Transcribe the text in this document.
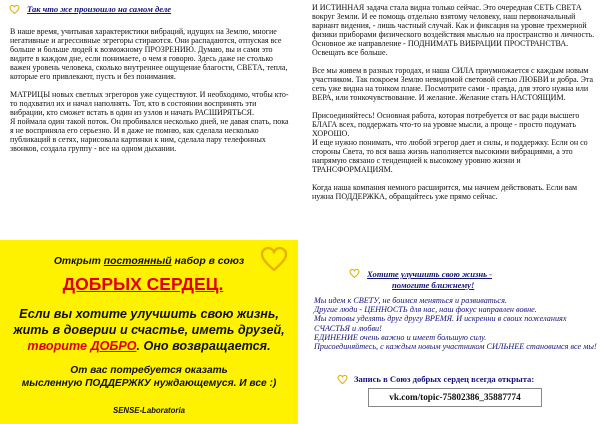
Так что же произошло на самом деле

В наше время, учитывая характеристики вибраций, идущих на Землю, многие негативные и агрессивные эгрегоры стираются. Они распадаются, отпуская все больше и больше людей к возможному ПРОЗРЕНИЮ. Думаю, вы и сами это видите в каждом дне, если понимаете, о чем я говорю. Здесь даже не столько важен уровень человека, сколько внутреннее ощущение благости, СВЕТА, тепла, которые его привлекают, пусть и без понимания.

МАТРИЦЫ новых светлых эгрегоров уже существуют. И необходимо, чтобы кто-то подхватил их и начал наполнять. Тот, кто в состоянии воспринять эти вибрации, кто сможет встать в один из узлов и начать РАСШИРЯТЬСЯ.

Я поймала один такой поток. Он пробивался несколько дней, не давая спать, пока я не восприняла его серьезно. И я даже не помню, как сделала несколько публикаций в сетях, нарисовала картинки к ним, сделала пару телефонных звонков, создала группу - все на одном дыхании.

Открыт постоянный набор в союз
ДОБРЫХ СЕРДЕЦ.
Если вы хотите улучшить свою жизнь,
жить в доверии и счастье, иметь друзей,
творите ДОБРО. Оно возвращается.
От вас потребуется оказать
мысленную ПОДДЕРЖКУ нуждающемуся. И все :)
SENSE-Laboratoria

И ИСТИННАЯ задача стала видна только сейчас. Это очередная СЕТЬ СВЕТА вокруг Земли. И ее помощь отдельно взятому человеку, наш первоначальный вариант видения, - лишь частный случай. Как и фиксация на уровне трехмерной физики приборами физического воздействия мыслью на пространство и личность.

Основное же направление - ПОДНИМАТЬ ВИБРАЦИИ ПРОСТРАНСТВА. Освещать все больше.

Все мы живем в разных городах, и наша СИЛА приумножается с каждым новым участником. Так покроем Землю невидимой световой сетью ЛЮБВИ и добра. Эта сеть уже видна на тонком плане. Посмотрите сами - правда, для этого нужна или ВЕРА, или тонкочувствование. И желание. Желание стать НАСТОЯЩИМ.

Присоединяйтесь! Основная работа, которая потребуется от вас ради высшего БЛАГА всех, поддержать что-то на уровне мысли, а проще - просто подумать ХОРОШО.

И еще нужно понимать, что любой эгрегор дает и силы, и поддержку. Если он со стороны Света, то вся ваша жизнь наполняется высокими вибрациями, а это напрямую связано с тенденцией к высокому уровню жизни и ТРАНСФОРМАЦИЯМ.

Когда наша компания немного расширится, мы начнем действовать. Если вам нужна ПОДДЕРЖКА, обращайтесь уже прямо сейчас.

Хотите улучшить свою жизнь -
помогите ближнему!

Мы идем к СВЕТУ, не боимся меняться и развиваться.

Другие люди - ЦЕННОСТЬ для нас, наш фокус направлен вовне.

Мы готовы уделять друг другу ВРЕМЯ. И искренни в своих пожеланиях СЧАСТЬЯ и любви!

ЕДИНЕНИЕ очень важно и имеет большую силу.

Присоединяйтесь, с каждым новым участником СИЛЬНЕЕ становимся все мы!

Запись в Союз добрых сердец всегда открыта:
vk.com/topic-75802386_35887774
